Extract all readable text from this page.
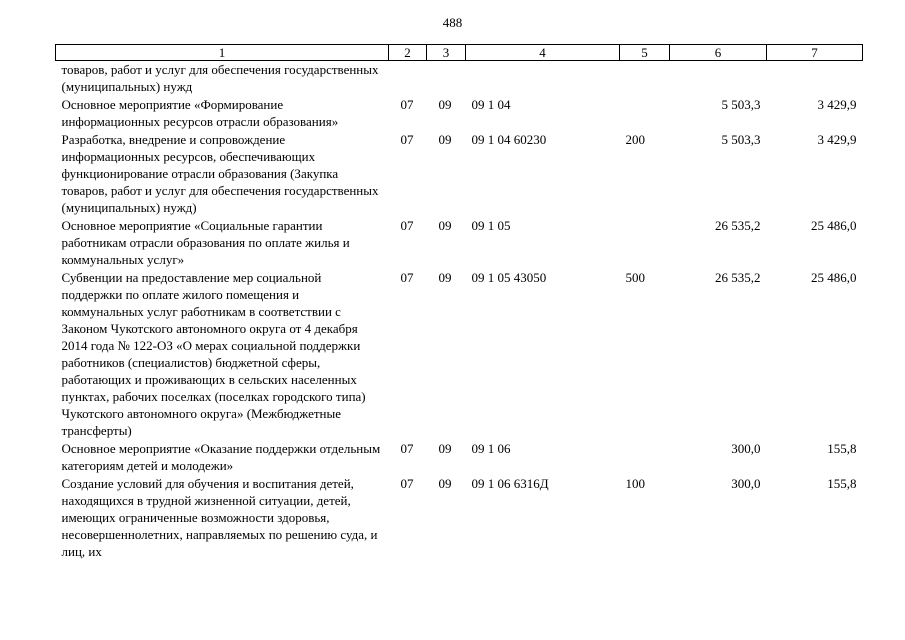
488
1	2	3	4	5	6	7
товаров, работ и услуг для обеспечения государственных (муниципальных) нужд						
Основное мероприятие «Формирование информационных ресурсов отрасли образования»	07	09	09 1 04		5 503,3	3 429,9
Разработка, внедрение и сопровождение информационных ресурсов, обеспечивающих функционирование отрасли образования (Закупка товаров, работ и услуг для обеспечения государственных (муниципальных) нужд)	07	09	09 1 04 60230	200	5 503,3	3 429,9
Основное мероприятие «Социальные гарантии работникам отрасли образования по оплате жилья и коммунальных услуг»	07	09	09 1 05		26 535,2	25 486,0
Субвенции на предоставление мер социальной поддержки по оплате жилого помещения и коммунальных услуг работникам в соответствии с Законом Чукотского автономного округа от 4 декабря 2014 года № 122-ОЗ «О мерах социальной поддержки работников (специалистов) бюджетной сферы, работающих и проживающих в сельских населенных пунктах, рабочих поселках (поселках городского типа) Чукотского автономного округа» (Межбюджетные трансферты)	07	09	09 1 05 43050	500	26 535,2	25 486,0
Основное мероприятие «Оказание поддержки отдельным категориям детей и молодежи»	07	09	09 1 06		300,0	155,8
Создание условий для обучения и воспитания детей, находящихся в трудной жизненной ситуации, детей, имеющих ограниченные возможности здоровья, несовершеннолетних, направляемых по решению суда, и лиц, их	07	09	09 1 06 6316Д	100	300,0	155,8
